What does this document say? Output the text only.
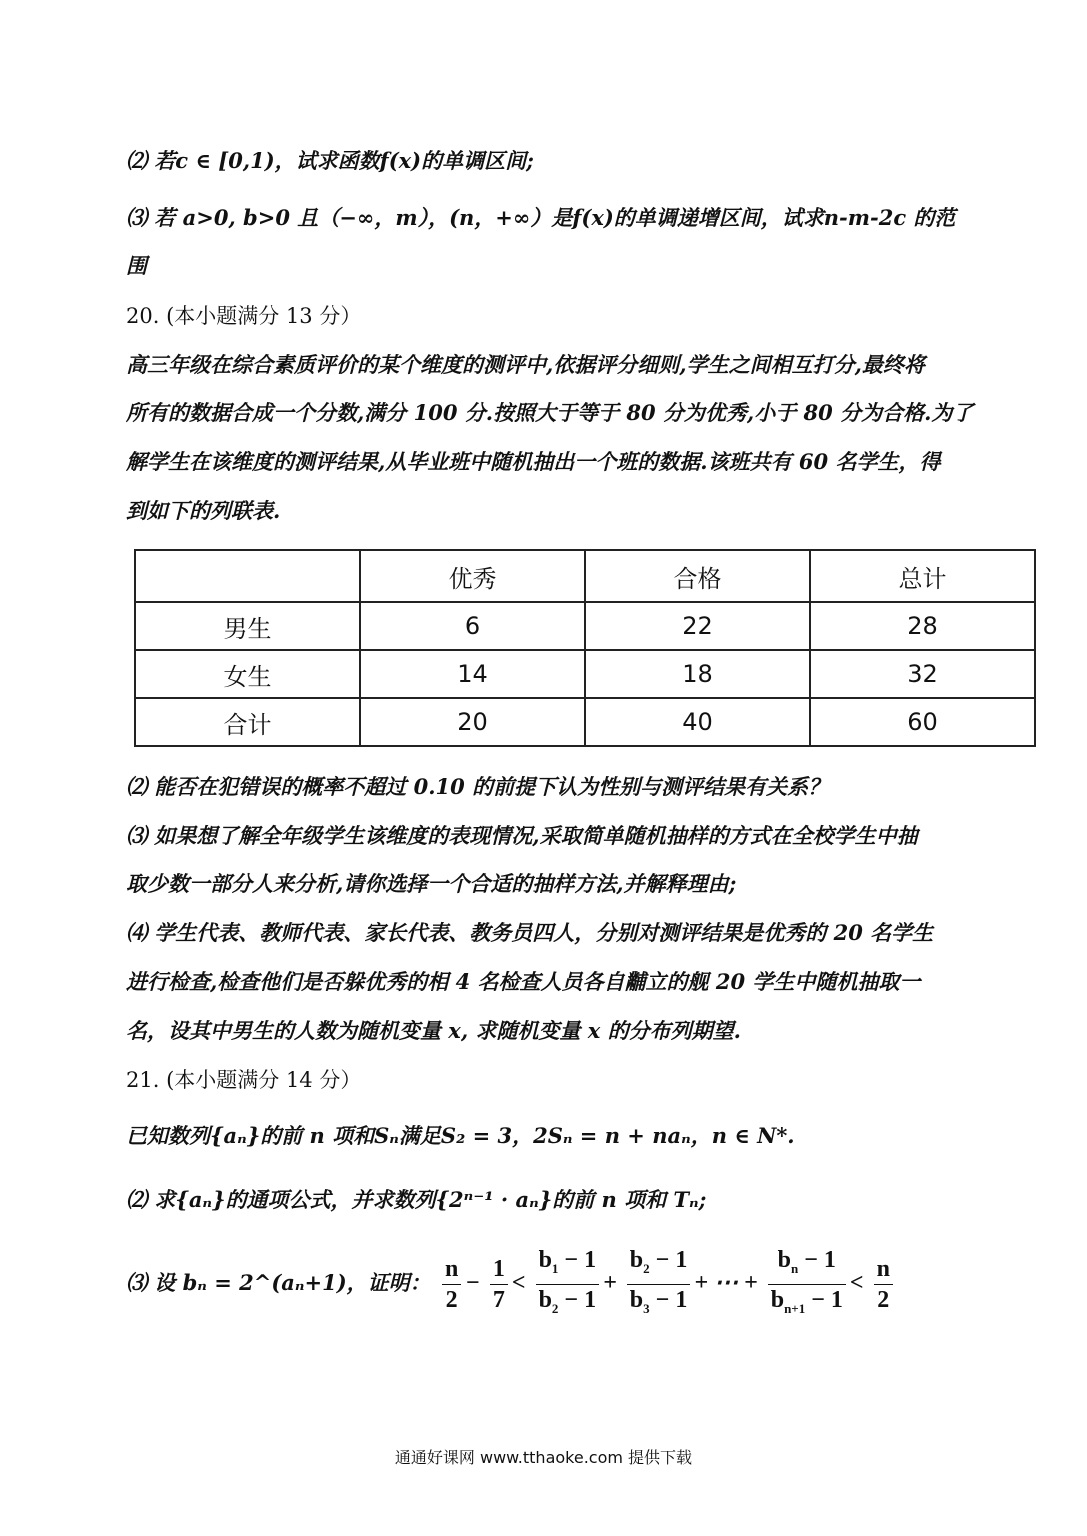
⑵ 若c ∈ [0,1)，试求函数f(x)的单调区间;
⑶ 若 a>0, b>0 且（−∞，m），(n，+∞）是f(x)的单调递增区间，试求n-m-2c 的范
围
20. (本小题满分 13 分）
高三年级在综合素质评价的某个维度的测评中,依据评分细则,学生之间相互打分,最终将
所有的数据合成一个分数,满分 100 分.按照大于等于 80 分为优秀,小于 80 分为合格.为了
解学生在该维度的测评结果,从毕业班中随机抽出一个班的数据.该班共有 60 名学生，得
到如下的列联表.
	优秀	合格	总计
男生	6	22	28
女生	14	18	32
合计	20	40	60
⑵ 能否在犯错误的概率不超过 0.10 的前提下认为性别与测评结果有关系？
⑶ 如果想了解全年级学生该维度的表现情况,采取简单随机抽样的方式在全校学生中抽
取少数一部分人来分析,请你选择一个合适的抽样方法,并解释理由;
⑷ 学生代表、教师代表、家长代表、教务员四人，分别对测评结果是优秀的 20 名学生
进行检查,检查他们是否躲优秀的相 4 名检查人员各自黼立的舰 20 学生中随机抽取一
名，设其中男生的人数为随机变量 x, 求随机变量 x 的分布列期望.
21. (本小题满分 14 分）
已知数列{aₙ}的前 n 项和Sₙ满足S₂ = 3，2Sₙ = n + naₙ，n ∈ N*.
⑵ 求{aₙ}的通项公式，并求数列{2ⁿ⁻¹ · aₙ}的前 n 项和 Tₙ;
⑶ 设 bₙ = 2^(aₙ+1)，证明： $\frac{n}{2} - \frac{1}{7} < \frac{b_1 - 1}{b_2 - 1} + \frac{b_2 - 1}{b_3 - 1}$ + ⋯ + $\frac{b_n - 1}{b_{n+1} - 1} < \frac{n}{2}$
通通好课网 www.tthaoke.com 提供下载
